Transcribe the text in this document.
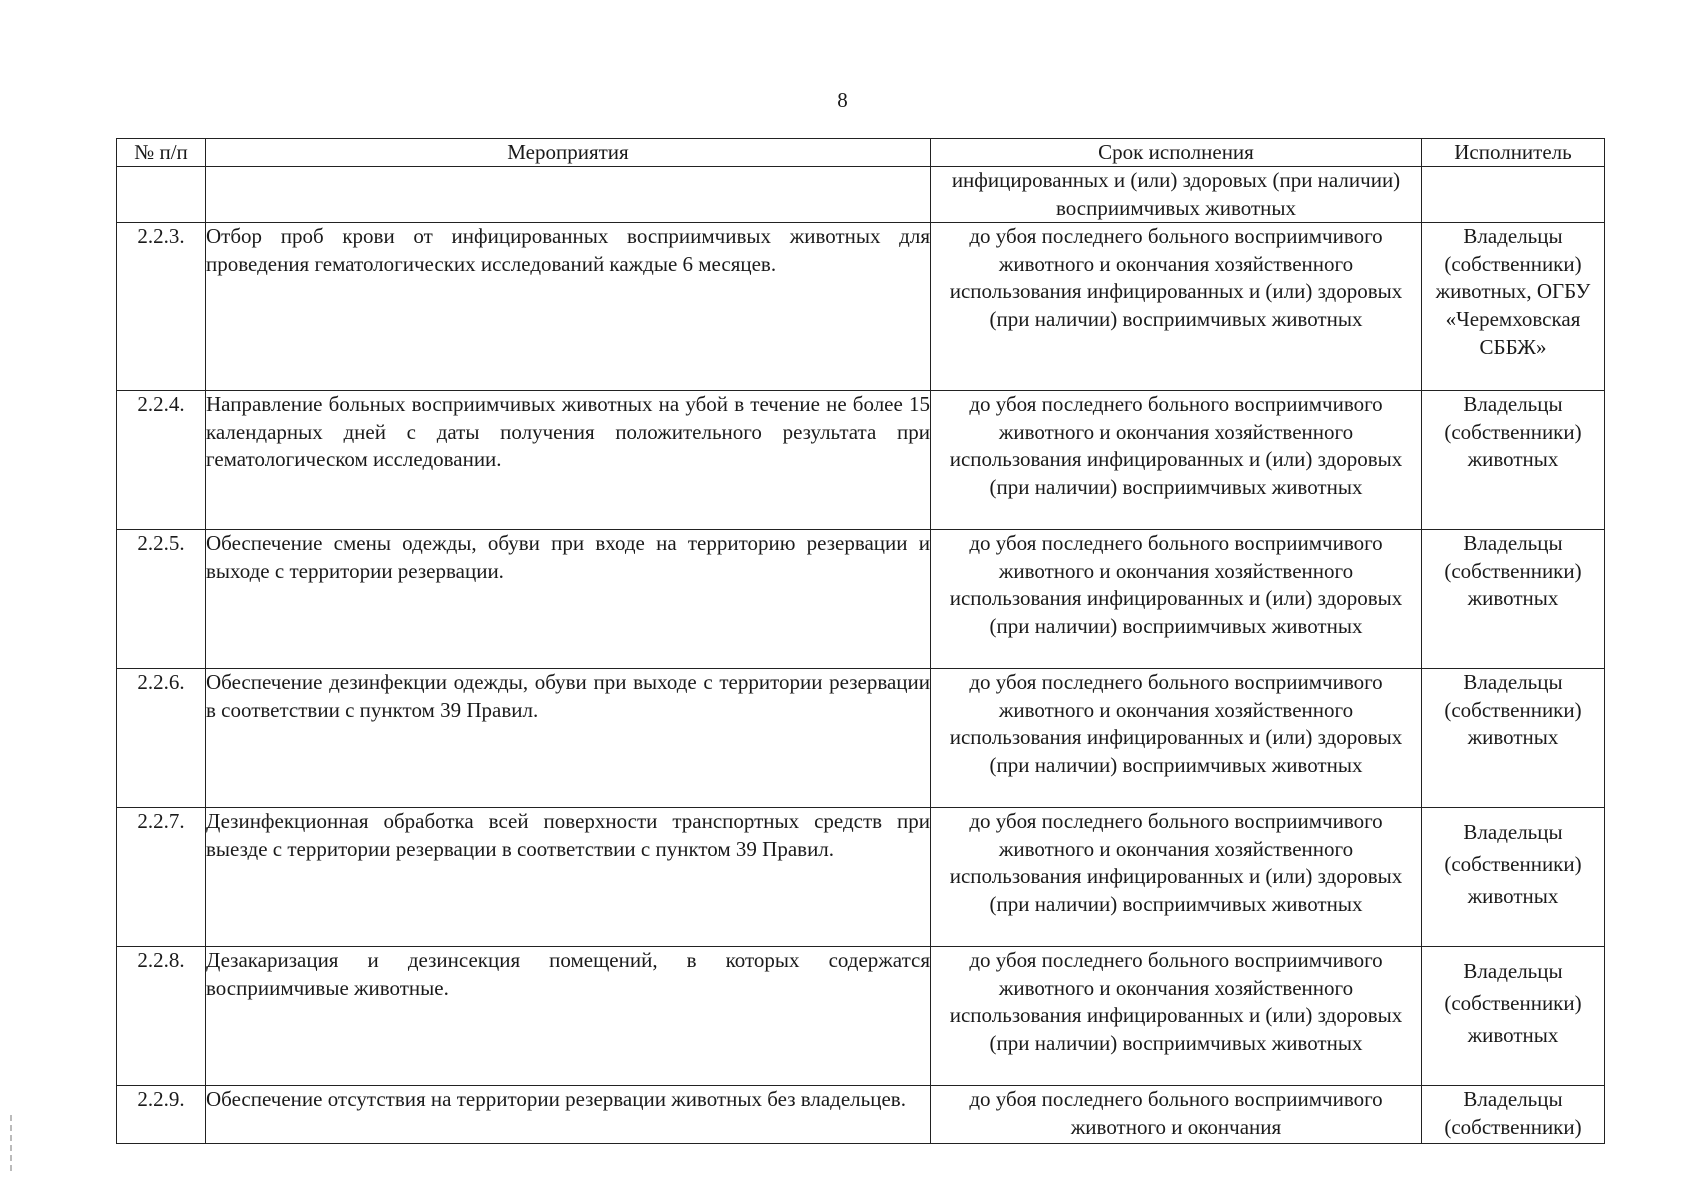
8
№ п/п	Мероприятия	Срок исполнения	Исполнитель
		инфицированных и (или) здоровых (при наличии) восприимчивых животных	
2.2.3.	Отбор проб крови от инфицированных восприимчивых животных для проведения гематологических исследований каждые 6 месяцев.	до убоя последнего больного восприимчивого животного и окончания хозяйственного использования инфицированных и (или) здоровых (при наличии) восприимчивых животных	Владельцы (собственники) животных, ОГБУ «Черемховская СББЖ»
2.2.4.	Направление больных восприимчивых животных на убой в течение не более 15 календарных дней с даты получения положительного результата при гематологическом исследовании.	до убоя последнего больного восприимчивого животного и окончания хозяйственного использования инфицированных и (или) здоровых (при наличии) восприимчивых животных	Владельцы (собственники) животных
2.2.5.	Обеспечение смены одежды, обуви при входе на территорию резервации и выходе с территории резервации.	до убоя последнего больного восприимчивого животного и окончания хозяйственного использования инфицированных и (или) здоровых (при наличии) восприимчивых животных	Владельцы (собственники) животных
2.2.6.	Обеспечение дезинфекции одежды, обуви при выходе с территории резервации в соответствии с пунктом 39 Правил.	до убоя последнего больного восприимчивого животного и окончания хозяйственного использования инфицированных и (или) здоровых (при наличии) восприимчивых животных	Владельцы (собственники) животных
2.2.7.	Дезинфекционная обработка всей поверхности транспортных средств при выезде с территории резервации в соответствии с пунктом 39 Правил.	до убоя последнего больного восприимчивого животного и окончания хозяйственного использования инфицированных и (или) здоровых (при наличии) восприимчивых животных	Владельцы (собственники) животных
2.2.8.	Дезакаризация и дезинсекция помещений, в которых содержатся восприимчивые животные.	до убоя последнего больного восприимчивого животного и окончания хозяйственного использования инфицированных и (или) здоровых (при наличии) восприимчивых животных	Владельцы (собственники) животных
2.2.9.	Обеспечение отсутствия на территории резервации животных без владельцев.	до убоя последнего больного восприимчивого животного и окончания	Владельцы (собственники)
